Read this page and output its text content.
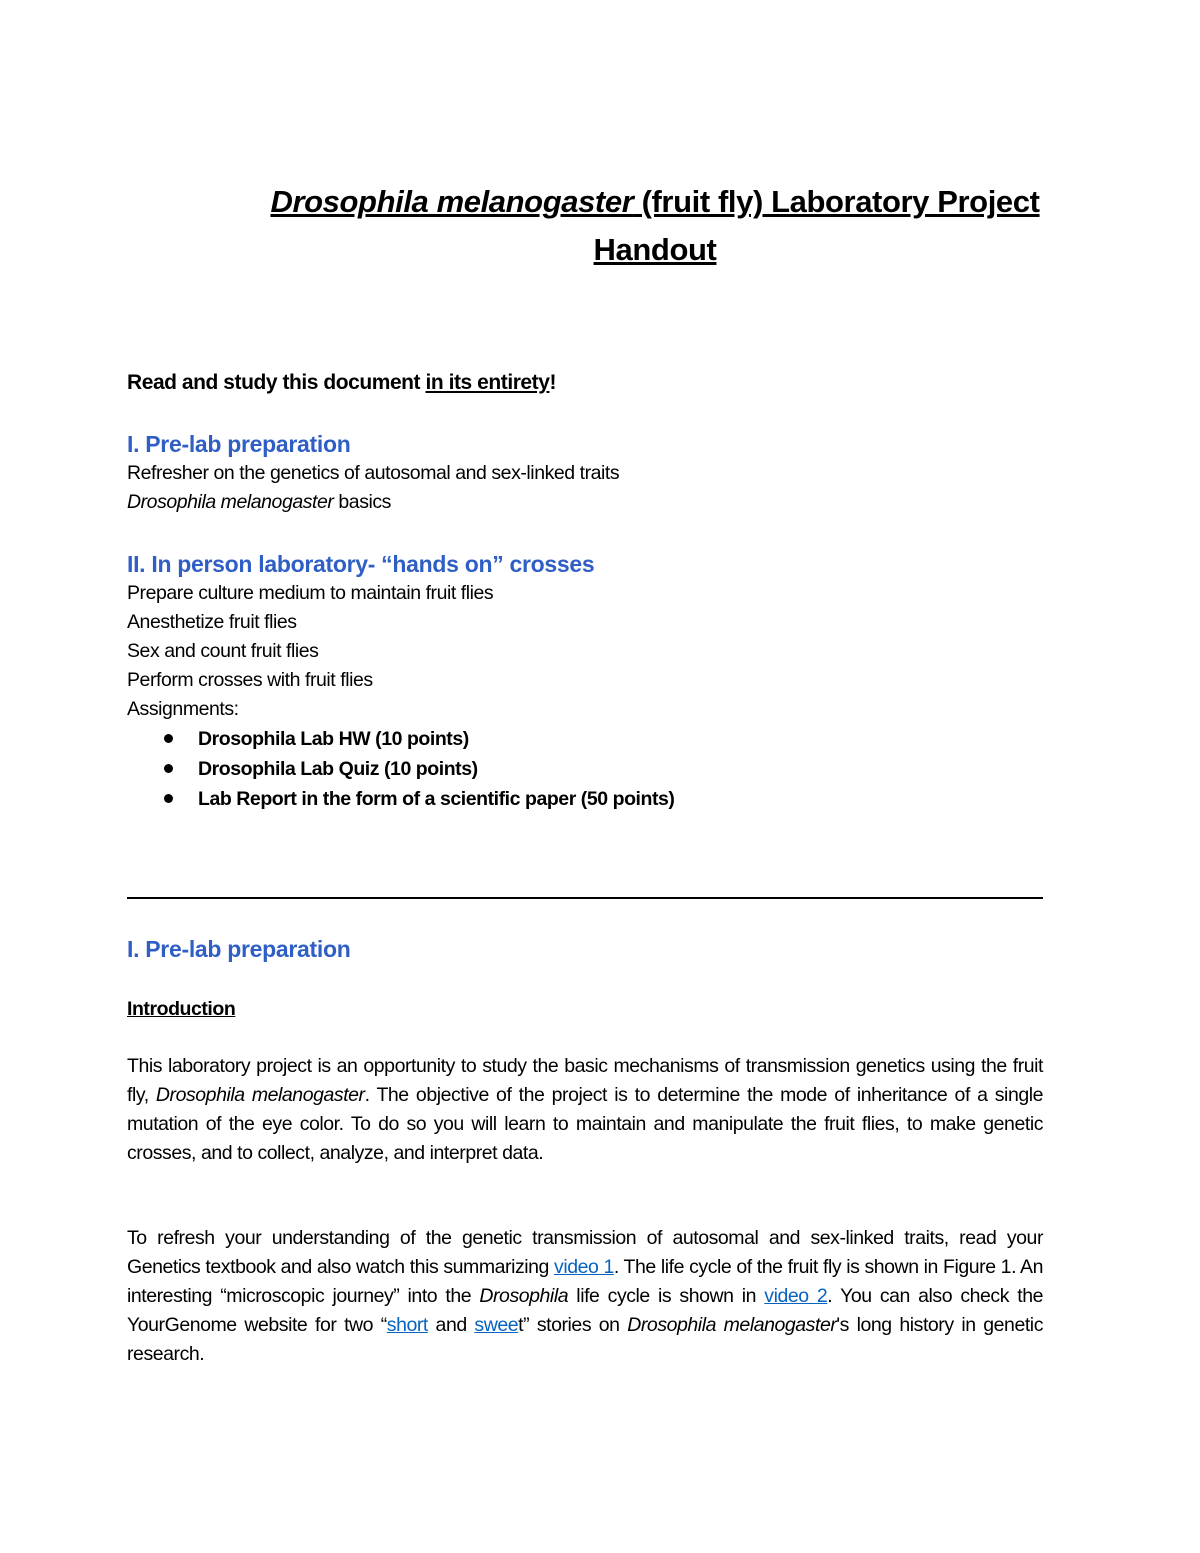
Drosophila melanogaster (fruit fly) Laboratory Project
Handout
Read and study this document in its entirety!
I. Pre-lab preparation
Refresher on the genetics of autosomal and sex-linked traits
Drosophila melanogaster basics
II. In person laboratory- “hands on” crosses
Prepare culture medium to maintain fruit flies
Anesthetize fruit flies
Sex and count fruit flies
Perform crosses with fruit flies
Assignments:
Drosophila Lab HW (10 points)
Drosophila Lab Quiz (10 points)
Lab Report in the form of a scientific paper (50 points)
I. Pre-lab preparation
Introduction
This laboratory project is an opportunity to study the basic mechanisms of transmission genetics using the fruit fly, Drosophila melanogaster. The objective of the project is to determine the mode of inheritance of a single mutation of the eye color. To do so you will learn to maintain and manipulate the fruit flies, to make genetic crosses, and to collect, analyze, and interpret data.
To refresh your understanding of the genetic transmission of autosomal and sex-linked traits, read your Genetics textbook and also watch this summarizing video 1. The life cycle of the fruit fly is shown in Figure 1. An interesting “microscopic journey” into the Drosophila life cycle is shown in video 2. You can also check the YourGenome website for two “short and sweet” stories on Drosophila melanogaster's long history in genetic research.
